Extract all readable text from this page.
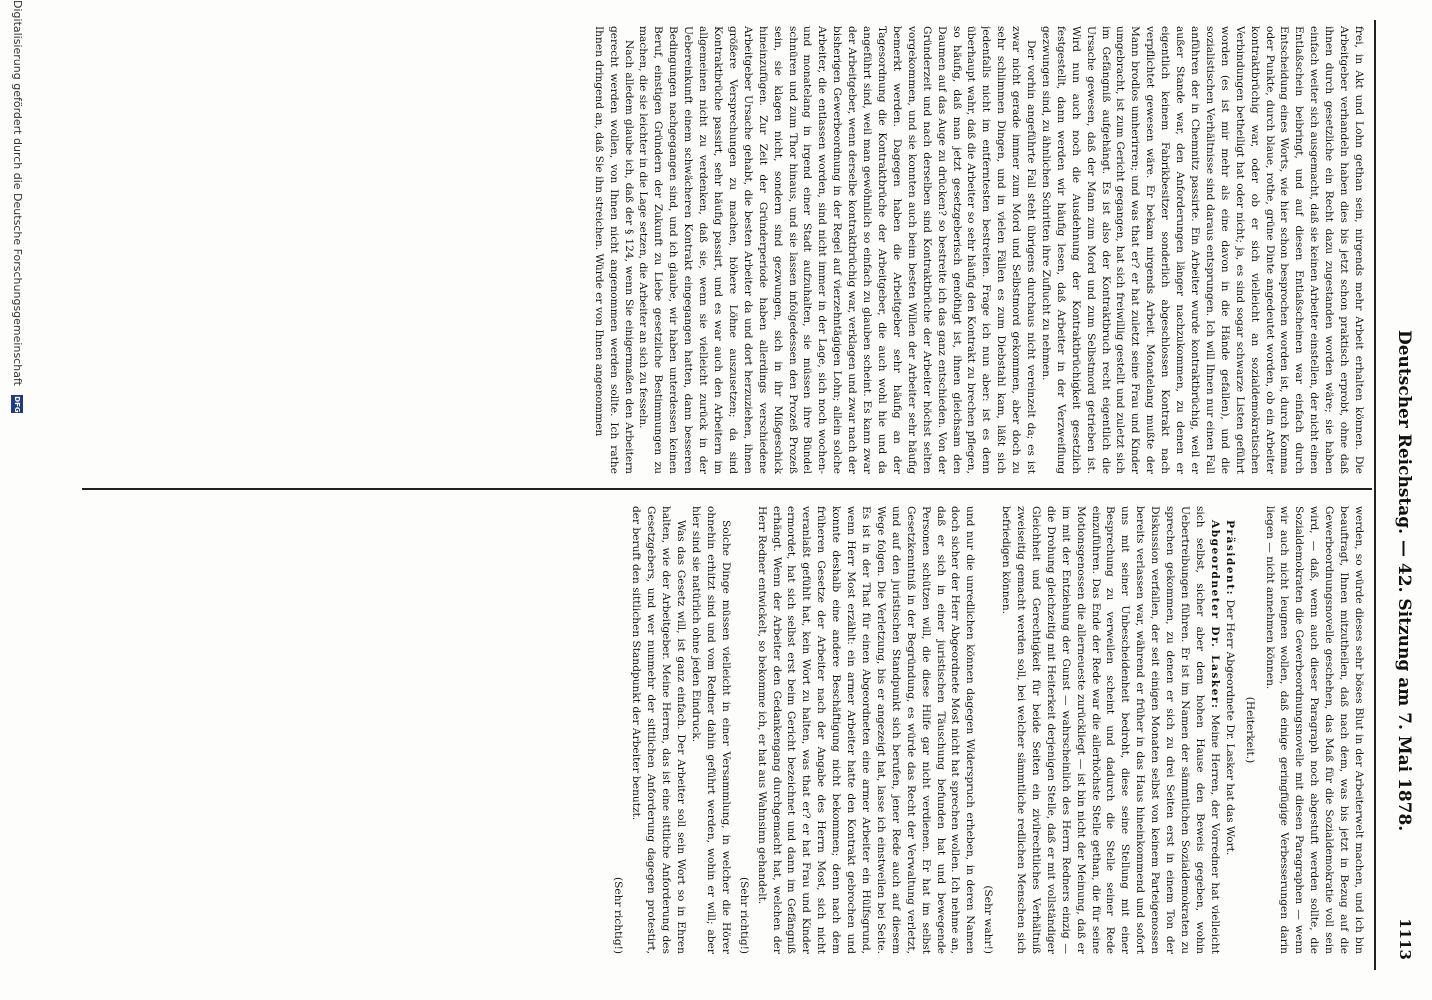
Deutscher Reichstag. — 42. Sitzung am 7. Mai 1878.
1113

frei, in Akt und Lohn gethan sein, nirgends mehr Arbeit erhalten können. Die Arbeitgeber verhandeln haben dies bis jetzt schon praktisch erprobt, ohne daß ihnen durch gesetzliche ein Recht dazu zugestanden worden wäre; sie haben einfach weiter sich ausgemacht, daß sie keinen Arbeiter einstellen, der nicht einen Entlaßschein beibringt, und auf diesen Entlaßscheinen war einfach durch Entscheidung eines Worts, wie hier schon besprochen worden ist, durch Komma oder Punkte, durch blaue, rothe, grüne Dinte angedeutet worden, ob ein Arbeiter kontraktbrüchig war, oder ob er sich vielleicht an sozialdemokratischen Verbindungen betheiligt hat oder nicht; ja, es sind sogar schwarze Listen geführt worden (es ist mir mehr als eine davon in die Hände gefallen), und die sozialistischen Verhältnisse sind daraus entsprungen. Ich will Ihnen nur einen Fall anführen der in Chemnitz passirte. Ein Arbeiter wurde kontraktbrüchig, weil er außer Stande war, den Anforderungen länger nachzukommen, zu denen er eigentlich keinem Fabrikbesitzer sonderlich abgeschlossen Kontrakt nach verpflichtet gewesen wäre. Er bekam nirgends Arbeit. Monatelang mußte der Mann brodlos umherirren; und was that er? er hat zuletzt seine Frau und Kinder umgebracht, ist zum Gericht gegangen, hat sich freiwillig gestellt und zuletzt sich im Gefängniß aufgehängt. Es ist also der Kontraktbruch recht eigentlich die Ursache gewesen, daß der Mann zum Mord und zum Selbstmord getrieben ist. Wird nun auch noch die Ausdehnung der Kontraktbrüchigkeit gesetzlich festgestellt, dann werden wir häufig lesen, daß Arbeiter in der Verzweiflung gezwungen sind, zu ähnlichen Schritten ihre Zuflucht zu nehmen.

Der vorhin angeführte Fall steht übrigens durchaus nicht vereinzelt da; es ist zwar nicht gerade immer zum Mord und Selbstmord gekommen, aber doch zu sehr schlimmen Dingen, und in vielen Fällen es zum Diebstahl kam, läßt sich jedenfalls nicht im entferntesten bestreiten. Frage ich nun aber: ist es denn überhaupt wahr, daß die Arbeiter so sehr häufig den Kontrakt zu brechen pflegen, so häufig, daß man jetzt gesetzgeberisch genöthigt ist, ihnen gleichsam den Daumen auf das Auge zu drücken? so bestreite ich das ganz entschieden. Von der Gründerzeit und nach derselben sind Kontraktbrüche der Arbeiter höchst selten vorgekommen, und sie konnten auch beim besten Willen der Arbeiter sehr häufig bemerkt werden. Dagegen haben die Arbeitgeber sehr häufig an der Tagesordnung die Kontraktbrüche der Arbeitgeber, die auch wohl hie und da angeführt sind, weil man gewöhnlich so einfach zu glauben scheint. Es kann zwar der Arbeitgeber, wenn derselbe kontraktbrüchig war, verklagen und zwar nach der bisherigen Gewerbeordnung in der Regel auf vierzehntägigen Lohn; allein solche Arbeiter, die entlassen worden, sind nicht immer in der Lage, sich noch wochen- und monatelang in irgend einer Stadt aufzuhalten, sie müssen ihre Bündel schnüren und zum Thor hinaus, und sie lassen infolgedessen den Prozeß Prozeß sein, sie klagen nicht, sondern sind gezwungen, sich in ihr Mißgeschick hineinzufügen. Zur Zeit der Gründerperiode haben allerdings verschiedene Arbeitgeber Ursache gehabt, die besten Arbeiter da und dort herzuziehen, ihnen größere Versprechungen zu machen, höhere Löhne auszusetzen; da sind Kontraktbrüche passirt, sehr häufig passirt, und es war auch den Arbeitern im allgemeinen nicht zu verdenken, daß sie, wenn sie vielleicht zurück in der Uebereinkunft einem schwächeren Kontrakt eingegangen hatten, dann besseren Bedingungen nachgegangen sind, und ich glaube, wir haben unterdessen keinen Beruf, einstigen Gründern der Zukunft zu Liebe gesetzliche Bestimmungen zu machen, die sie leichter in die Lage setzen, die Arbeiter an sich zu fesseln.

Nach alledem glaube ich, daß der § 124, wenn Sie einigermaßen den Arbeitern gerecht werden wollen, von Ihnen nicht angenommen werden sollte. Ich rathe Ihnen dringend an, daß Sie ihn streichen. Würde er von Ihnen angenommen

werden, so würde dieses sehr böses Blut in der Arbeiterwelt machen, und ich bin beauftragt, Ihnen mitzutheilen, daß nach dem, was bis jetzt in Bezug auf die Gewerbeordnungsnovelle geschehen, das Maß für die Sozialdemokratie voll sein wird, — daß, wenn auch dieser Paragraph noch abgestuft werden sollte, die Sozialdemokraten die Gewerbeordnungsnovelle mit diesen Paragraphen — wenn wir auch nicht leugnen wollen, daß einige geringfügige Verbesserungen darin liegen — nicht annehmen können.

(Heiterkeit.)

Präsident: Der Herr Abgeordnete Dr. Lasker hat das Wort.

Abgeordneter Dr. Lasker: Meine Herren, der Vorredner hat vielleicht sich selbst, sicher aber dem hohen Hause den Beweis gegeben, wohin Uebertreibungen führen. Er ist im Namen der sämmtlichen Sozialdemokraten zu sprechen gekommen, zu denen er sich zu drei Seiten erst in einem Ton der Diskussion verfallen, der seit einigen Monaten selbst von keinem Parteigenossen bereits verlassen war, während er früher in das Haus hineinkommend und sofort uns mit seiner Unbescheidenheit bedroht, diese seine Stellung mit einer Besprechung zu verweilen scheint und dadurch die Stelle seiner Rede einzuführen. Das Ende der Rede war die allerhöchste Stelle gethan, die für seine Motionsgenossen die allerneueste zurückliegt — ist bin nicht der Meinung, daß er im mit der Entziehung der Gunst — wahrscheinlich des Herrn Redners einzig — die Drohung gleichzeitig mit Heiterkeit derjenigen Stelle, daß er mit vollständiger Gleichheit und Gerechtigkeit für beide Seiten ein zivilrechtliches Verhältniß zweiseitig gemacht werden soll, bei welcher sämmtliche redlichen Menschen sich befriedigen können.

(Sehr wahr!)

und nur die unredlichen können dagegen Widerspruch erheben, in deren Namen doch sicher der Herr Abgeordnete Most nicht hat sprechen wollen. Ich nehme an, daß er sich in einer juristischen Täuschung befunden hat und bewegende Personen schützen will, die diese Hilfe gar nicht verdienen. Er hat im selbst Gesetzkenntniß in der Begründung, es würde das Recht der Verwaltung verletzt, und auf den juristischen Standpunkt sich berufen, jener Rede auch auf diesem Wege folgen. Die Verletzung, bis er angezeigt hat, lasse ich einstweilen bei Seite. Es ist in der That für einen Abgeordneten eine armer Arbeiter ein Hülfsgrund, wenn Herr Most erzählt: ein armer Arbeiter hatte den Kontrakt gebrochen und konnte deshalb eine andere Beschäftigung nicht bekommen; denn nach dem früheren Gesetze der Arbeiter nach der Angabe des Herrn Most, sich nicht veranlaßt gefühlt hat, kein Wort zu halten, was that er? er hat Frau und Kinder ermordet, hat sich selbst erst beim Gericht bezeichnet und dann im Gefängniß erhängt. Wenn der Arbeiter den Gedankengang durchgemacht hat, welchen der Herr Redner entwickelt, so bekomme ich, er hat aus Wahnsinn gehandelt.

(Sehr richtig!)

Solche Dinge müssen vielleicht in einer Versammlung, in welcher die Hörer ohnehin erhitzt sind und vom Redner dahin geführt werden, wohin er will; aber hier sind sie natürlich ohne jeden Eindruck.

Was das Gesetz will, ist ganz einfach. Der Arbeiter soll sein Wort so in Ehren halten, wie der Arbeitgeber. Meine Herren, das ist eine sittliche Anforderung des Gesetzgebers, und wer nunmehr der sittlichen Anforderung dagegen protestirt, der beruft den sittlichen Standpunkt der Arbeiter benutzt.

(Sehr richtig!)

Digitalisierung gefördert durch die Deutsche Forschungsgemeinschaft DFG
